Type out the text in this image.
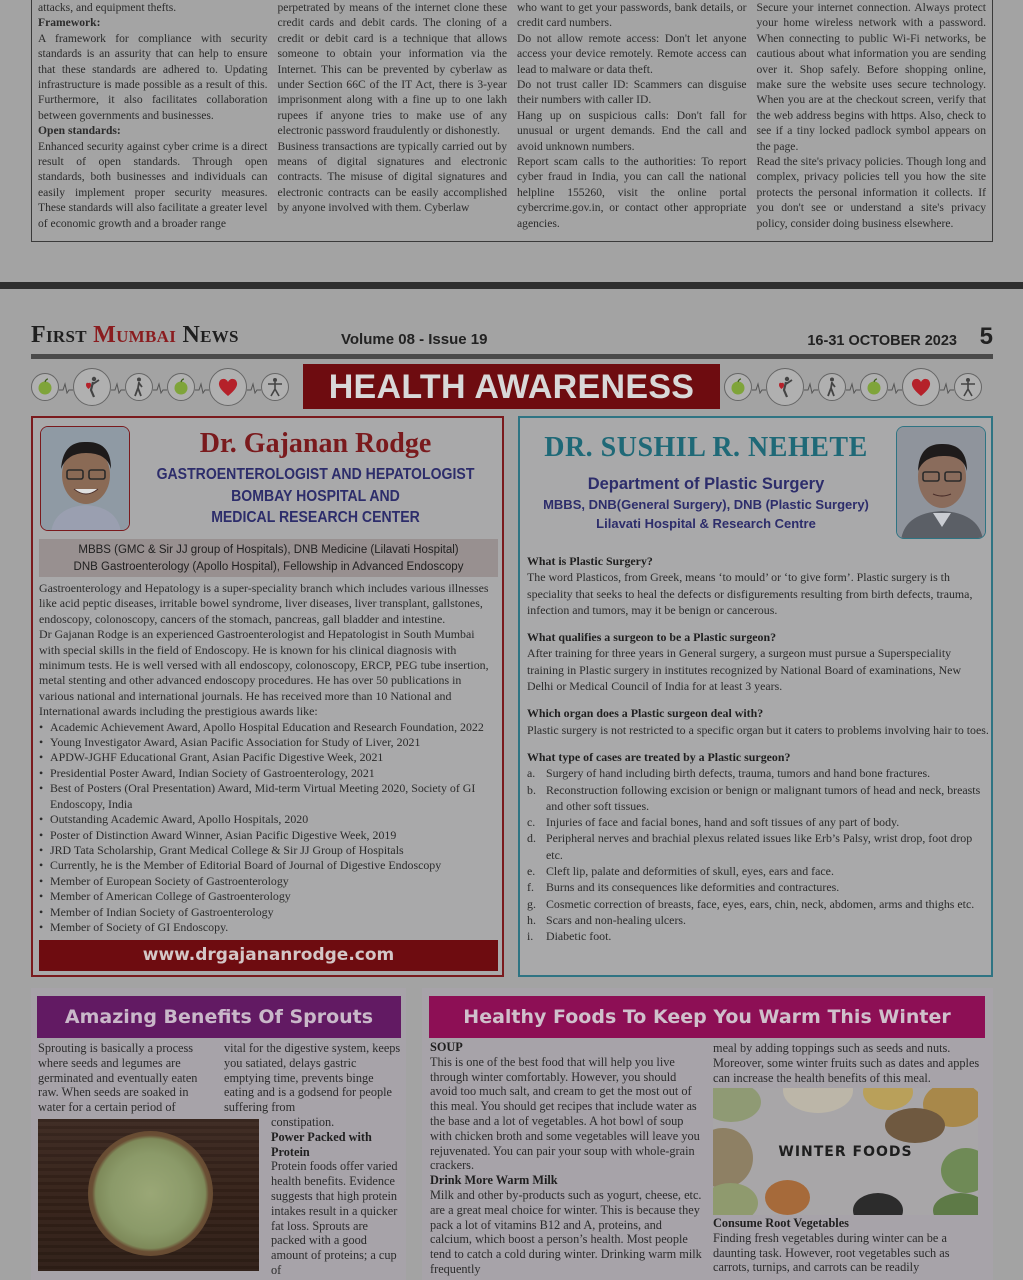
attacks, and equipment thefts.

Framework:

A framework for compliance with security standards is an assurity that can help to ensure that these standards are adhered to. Updating infrastructure is made possible as a result of this. Furthermore, it also facilitates collaboration between governments and businesses.

Open standards:

Enhanced security against cyber crime is a direct result of open standards. Through open standards, both businesses and individuals can easily implement proper security measures. These standards will also facilitate a greater level of economic growth and a broader range

perpetrated by means of the internet clone these credit cards and debit cards. The cloning of a credit or debit card is a technique that allows someone to obtain your information via the Internet. This can be prevented by cyberlaw as under Section 66C of the IT Act, there is 3-year imprisonment along with a fine up to one lakh rupees if anyone tries to make use of any electronic password fraudulently or dishonestly.

Business transactions are typically carried out by means of digital signatures and electronic contracts. The misuse of digital signatures and electronic contracts can be easily accomplished by anyone involved with them. Cyberlaw

who want to get your passwords, bank details, or credit card numbers.

Do not allow remote access: Don't let anyone access your device remotely. Remote access can lead to malware or data theft.

Do not trust caller ID: Scammers can disguise their numbers with caller ID.

Hang up on suspicious calls: Don't fall for unusual or urgent demands. End the call and avoid unknown numbers.

Report scam calls to the authorities: To report cyber fraud in India, you can call the national helpline 155260, visit the online portal cybercrime.gov.in, or contact other appropriate agencies.

Secure your internet connection. Always protect your home wireless network with a password. When connecting to public Wi-Fi networks, be cautious about what information you are sending over it. Shop safely. Before shopping online, make sure the website uses secure technology. When you are at the checkout screen, verify that the web address begins with https. Also, check to see if a tiny locked padlock symbol appears on the page.

Read the site's privacy policies. Though long and complex, privacy policies tell you how the site protects the personal information it collects. If you don't see or understand a site's privacy policy, consider doing business elsewhere.

First Mumbai News	Volume 08 - Issue 19	16-31 OCTOBER 2023 5
HEALTH AWARENESS
Dr. Gajanan Rodge
GASTROENTEROLOGIST AND HEPATOLOGIST
BOMBAY HOSPITAL AND
MEDICAL RESEARCH CENTER
MBBS (GMC & Sir JJ group of Hospitals), DNB Medicine (Lilavati Hospital)
DNB Gastroenterology (Apollo Hospital), Fellowship in Advanced Endoscopy

Gastroenterology and Hepatology is a super-speciality branch which includes various illnesses like acid peptic diseases, irritable bowel syndrome, liver diseases, liver transplant, gallstones, endoscopy, colonoscopy, cancers of the stomach, pancreas, gall bladder and intestine.

Dr Gajanan Rodge is an experienced Gastroenterologist and Hepatologist in South Mumbai with special skills in the field of Endoscopy. He is known for his clinical diagnosis with minimum tests. He is well versed with all endoscopy, colonoscopy, ERCP, PEG tube insertion, metal stenting and other advanced endoscopy procedures. He has over 50 publications in various national and international journals. He has received more than 10 National and International awards including the prestigious awards like:

• Academic Achievement Award, Apollo Hospital Education and Research Foundation, 2022
• Young Investigator Award, Asian Pacific Association for Study of Liver, 2021
• APDW-JGHF Educational Grant, Asian Pacific Digestive Week, 2021
• Presidential Poster Award, Indian Society of Gastroenterology, 2021
• Best of Posters (Oral Presentation) Award, Mid-term Virtual Meeting 2020, Society of GI Endoscopy, India
• Outstanding Academic Award, Apollo Hospitals, 2020
• Poster of Distinction Award Winner, Asian Pacific Digestive Week, 2019
• JRD Tata Scholarship, Grant Medical College & Sir JJ Group of Hospitals
• Currently, he is the Member of Editorial Board of Journal of Digestive Endoscopy
• Member of European Society of Gastroenterology
• Member of American College of Gastroenterology
• Member of Indian Society of Gastroenterology
• Member of Society of GI Endoscopy.
www.drgajananrodge.com
DR. SUSHIL R. NEHETE
Department of Plastic Surgery
MBBS, DNB(General Surgery), DNB (Plastic Surgery)
Lilavati Hospital & Research Centre
What is Plastic Surgery?
The word Plasticos, from Greek, means ‘to mould’ or ‘to give form’. Plastic surgery is th speciality that seeks to heal the defects or disfigurements resulting from birth defects, trauma, infection and tumors, may it be benign or cancerous.
What qualifies a surgeon to be a Plastic surgeon?
After training for three years in General surgery, a surgeon must pursue a Superspeciality training in Plastic surgery in institutes recognized by National Board of examinations, New Delhi or Medical Council of India for at least 3 years.
Which organ does a Plastic surgeon deal with?
Plastic surgery is not restricted to a specific organ but it caters to problems involving hair to toes.
What type of cases are treated by a Plastic surgeon?
a. Surgery of hand including birth defects, trauma, tumors and hand bone fractures.
b. Reconstruction following excision or benign or malignant tumors of head and neck, breasts and other soft tissues.
c. Injuries of face and facial bones, hand and soft tissues of any part of body.
d. Peripheral nerves and brachial plexus related issues like Erb’s Palsy, wrist drop, foot drop etc.
e. Cleft lip, palate and deformities of skull, eyes, ears and face.
f. Burns and its consequences like deformities and contractures.
g. Cosmetic correction of breasts, face, eyes, ears, chin, neck, abdomen, arms and thighs etc.
h. Scars and non-healing ulcers.
i. Diabetic foot.
Amazing Benefits Of Sprouts
Sprouting is basically a process where seeds and legumes are germinated and eventually eaten raw. When seeds are soaked in water for a certain period of
vital for the digestive system, keeps you satiated, delays gastric emptying time, prevents binge eating and is a godsend for people suffering from
constipation.
Power Packed with Protein
Protein foods offer varied health benefits. Evidence suggests that high protein intakes result in a quicker fat loss. Sprouts are packed with a good amount of proteins; a cup of
Healthy Foods To Keep You Warm This Winter
SOUP
This is one of the best food that will help you live through winter comfortably. However, you should avoid too much salt, and cream to get the most out of this meal. You should get recipes that include water as the base and a lot of vegetables. A hot bowl of soup with chicken broth and some vegetables will leave you rejuvenated. You can pair your soup with whole-grain crackers.
Drink More Warm Milk
Milk and other by-products such as yogurt, cheese, etc. are a great meal choice for winter. This is because they pack a lot of vitamins B12 and A, proteins, and calcium, which boost a person’s health. Most people tend to catch a cold during winter. Drinking warm milk frequently
meal by adding toppings such as seeds and nuts. Moreover, some winter fruits such as dates and apples can increase the health benefits of this meal.
WINTER FOODS
Consume Root Vegetables
Finding fresh vegetables during winter can be a daunting task. However, root vegetables such as carrots, turnips, and carrots can be readily
